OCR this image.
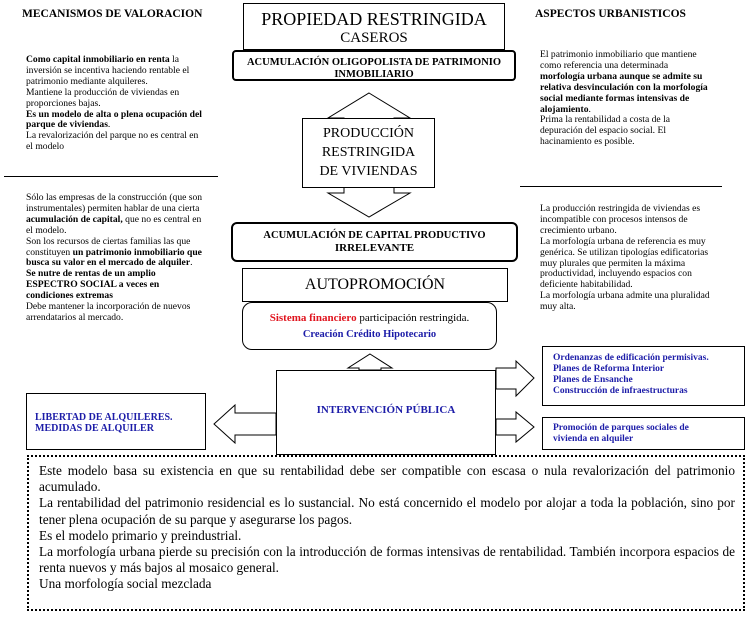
MECANISMOS DE VALORACION	ASPECTOS URBANISTICOS
PROPIEDAD RESTRINGIDA
CASEROS
ACUMULACIÓN OLIGOPOLISTA DE PATRIMONIO INMOBILIARIO
PRODUCCIÓN
RESTRINGIDA
DE VIVIENDAS
ACUMULACIÓN DE CAPITAL PRODUCTIVO
IRRELEVANTE
AUTOPROMOCIÓN
Sistema financiero participación restringida.
Creación Crédito Hipotecario
INTERVENCIÓN PÚBLICA
LIBERTAD DE ALQUILERES.
MEDIDAS DE ALQUILER
Ordenanzas de edificación permisivas.
Planes de Reforma Interior
Planes de Ensanche
Construcción de infraestructuras
Promoción de parques sociales de
vivienda en alquiler
Como capital inmobiliario en renta la inversión se incentiva haciendo rentable el patrimonio mediante alquileres.
Mantiene la producción de viviendas en proporciones bajas.
Es un modelo de alta o plena ocupación del parque de viviendas.
La revalorización del parque no es central en el modelo
Sólo las empresas de la construcción (que son instrumentales) permiten hablar de una cierta acumulación de capital, que no es central en el modelo.
Son los recursos de ciertas familias las que constituyen un patrimonio inmobiliario que busca su valor en el mercado de alquiler.
Se nutre de rentas de un amplio ESPECTRO SOCIAL a veces en condiciones extremas
Debe mantener la incorporación de nuevos arrendatarios al mercado.
El patrimonio inmobiliario que mantiene como referencia una determinada morfología urbana aunque se admite su relativa desvinculación con la morfología social mediante formas intensivas de alojamiento.
Prima la rentabilidad a costa de la depuración del espacio social. El hacinamiento es posible.
La producción restringida de viviendas es incompatible con procesos intensos de crecimiento urbano.
La morfología urbana de referencia es muy genérica. Se utilizan tipologías edificatorias muy plurales que permiten la máxima productividad, incluyendo espacios con deficiente habitabilidad.
La morfología urbana admite una pluralidad muy alta.
Este modelo basa su existencia en que su rentabilidad debe ser compatible con escasa o nula revalorización del patrimonio acumulado.
La rentabilidad del patrimonio residencial es lo sustancial. No está concernido el modelo por alojar a toda la población, sino por tener plena ocupación de su parque y asegurarse los pagos.
Es el modelo primario y preindustrial.
La morfología urbana pierde su precisión con la introducción de formas intensivas de rentabilidad. También incorpora espacios de renta nuevos y más bajos al mosaico general.
Una morfología social mezclada
